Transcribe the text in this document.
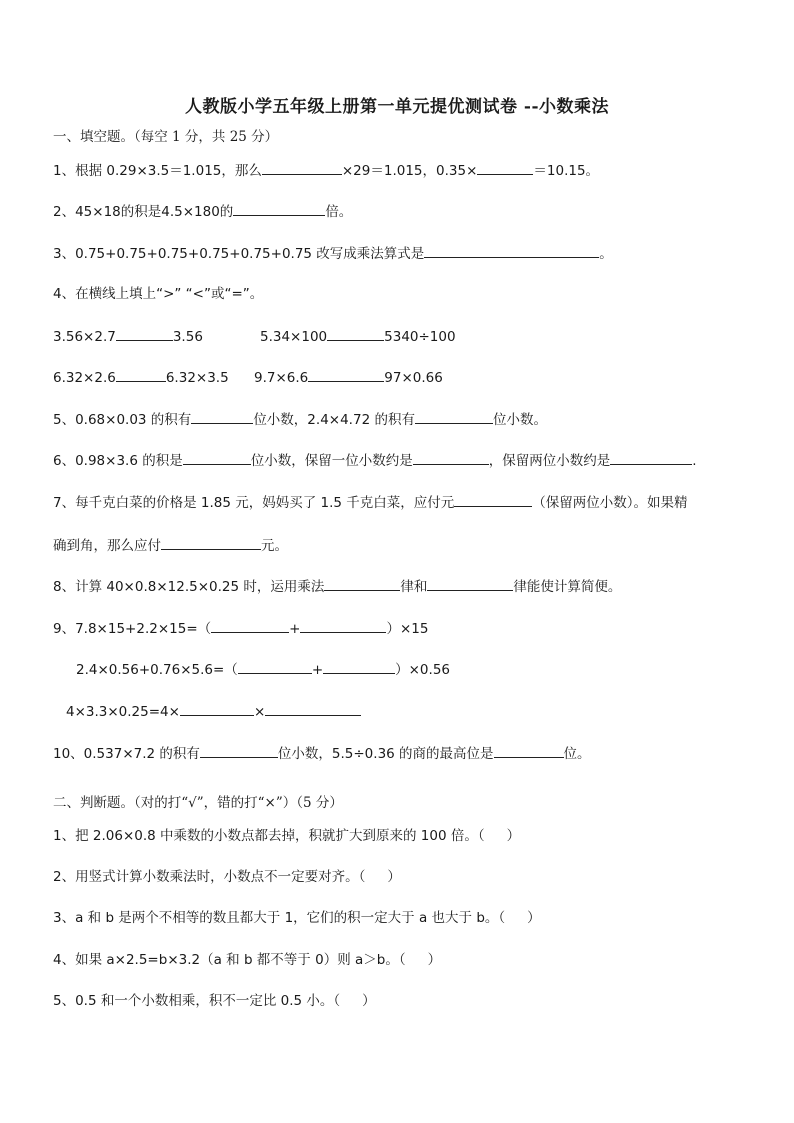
人教版小学五年级上册第一单元提优测试卷 --小数乘法
一、填空题。（每空 1 分，共 25 分）
1、根据 0.29×3.5＝1.015，那么	×29＝1.015，0.35×	＝10.15。
2、45×18的积是4.5×180的	倍。
3、0.75+0.75+0.75+0.75+0.75+0.75 改写成乘法算式是	。
4、在横线上填上“>” “<”或“=”。
3.56×2.7	3.56	5.34×100	5340÷100
6.32×2.6	6.32×3.5 9.7×6.6	97×0.66
5、0.68×0.03 的积有	位小数，2.4×4.72 的积有	位小数。
6、0.98×3.6 的积是	位小数，保留一位小数约是	，保留两位小数约是	.
7、每千克白菜的价格是 1.85 元，妈妈买了 1.5 千克白菜，应付元	（保留两位小数）。如果精
确到角，那么应付	元。
8、计算 40×0.8×12.5×0.25 时，运用乘法	律和	律能使计算简便。
9、7.8×15+2.2×15=（	+	）×15
2.4×0.56+0.76×5.6=（	+	）×0.56
4×3.3×0.25=4×	×
10、0.537×7.2 的积有	位小数，5.5÷0.36 的商的最高位是	位。
二、判断题。（对的打“√”，错的打“×”）（5 分）
1、把 2.06×0.8 中乘数的小数点都去掉，积就扩大到原来的 100 倍。（ ）
2、用竖式计算小数乘法时，小数点不一定要对齐。（ ）
3、a 和 b 是两个不相等的数且都大于 1，它们的积一定大于 a 也大于 b。（ ）
4、如果 a×2.5=b×3.2（a 和 b 都不等于 0）则 a＞b。（ ）
5、0.5 和一个小数相乘，积不一定比 0.5 小。（ ）
